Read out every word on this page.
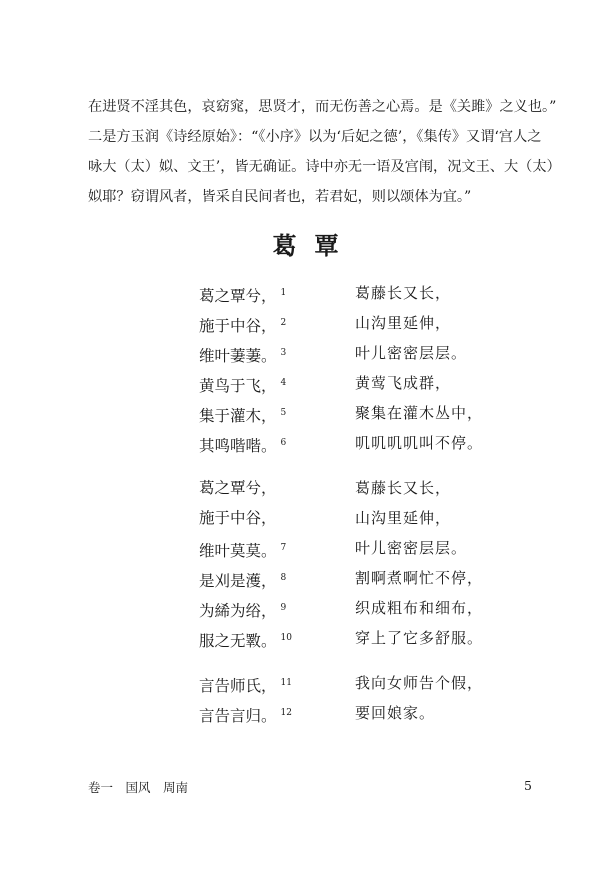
在进贤不淫其色，哀窈窕，思贤才，而无伤善之心焉。是《关雎》之义也。”

二是方玉润《诗经原始》：“《小序》以为‘后妃之德’，《集传》又谓‘宫人之

咏大（太）姒、文王’，皆无确证。诗中亦无一语及宫闱，况文王、大（太）

姒耶？窃谓风者，皆采自民间者也，若君妃，则以颂体为宜。”

葛覃
葛之覃兮， $^1$	葛藤长又长，
施于中谷， $^2$	山沟里延伸，
维叶萋萋。 $^3$	叶儿密密层层。
黄鸟于飞， $^4$	黄莺飞成群，
集于灌木， $^5$	聚集在灌木丛中，
其鸣喈喈。 $^6$	叽叽叽叽叫不停。
葛之覃兮，	葛藤长又长，
施于中谷，	山沟里延伸，
维叶莫莫。 $^7$	叶儿密密层层。
是刈是濩， $^8$	割啊煮啊忙不停，
为絺为绤， $^9$	织成粗布和细布，
服之无斁。 $^{10}$	穿上了它多舒服。
言告师氏， $^{11}$	我向女师告个假，
言告言归。 $^{12}$	要回娘家。
卷一　国风　周南	5
